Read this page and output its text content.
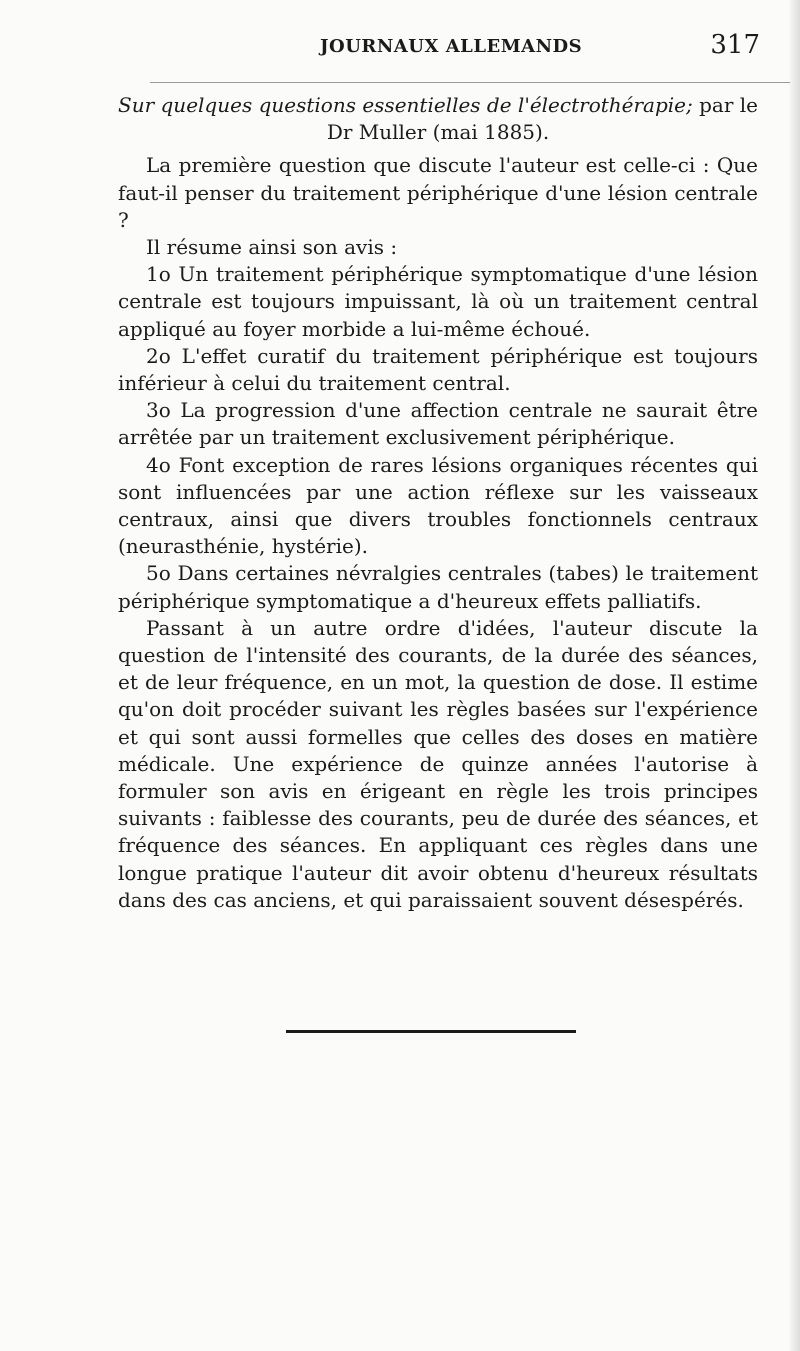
JOURNAUX ALLEMANDS	317
Sur quelques questions essentielles de l'électrothérapie; par le
Dr Muller (mai 1885).

La première question que discute l'auteur est celle-ci : Que faut-il penser du traitement périphérique d'une lésion centrale ?

Il résume ainsi son avis :

1o Un traitement périphérique symptomatique d'une lésion centrale est toujours impuissant, là où un traitement central appliqué au foyer morbide a lui-même échoué.

2o L'effet curatif du traitement périphérique est toujours inférieur à celui du traitement central.

3o La progression d'une affection centrale ne saurait être arrêtée par un traitement exclusivement périphérique.

4o Font exception de rares lésions organiques récentes qui sont influencées par une action réflexe sur les vaisseaux centraux, ainsi que divers troubles fonctionnels centraux (neurasthénie, hystérie).

5o Dans certaines névralgies centrales (tabes) le traitement périphérique symptomatique a d'heureux effets palliatifs.

Passant à un autre ordre d'idées, l'auteur discute la question de l'intensité des courants, de la durée des séances, et de leur fréquence, en un mot, la question de dose. Il estime qu'on doit procéder suivant les règles basées sur l'expérience et qui sont aussi formelles que celles des doses en matière médicale. Une expérience de quinze années l'autorise à formuler son avis en érigeant en règle les trois principes suivants : faiblesse des courants, peu de durée des séances, et fréquence des séances. En appliquant ces règles dans une longue pratique l'auteur dit avoir obtenu d'heureux résultats dans des cas anciens, et qui paraissaient souvent désespérés.
